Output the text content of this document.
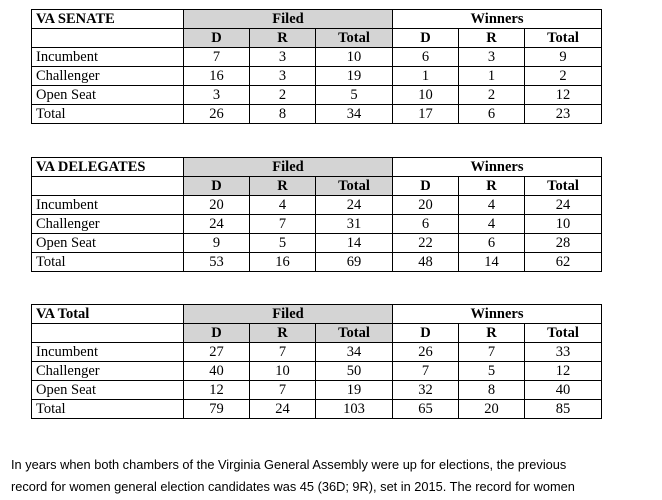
VA SENATE	Filed			Winners		
	D	R	Total	D	R	Total
Incumbent	7	3	10	6	3	9
Challenger	16	3	19	1	1	2
Open Seat	3	2	5	10	2	12
Total	26	8	34	17	6	23
VA DELEGATES	Filed			Winners		
	D	R	Total	D	R	Total
Incumbent	20	4	24	20	4	24
Challenger	24	7	31	6	4	10
Open Seat	9	5	14	22	6	28
Total	53	16	69	48	14	62
VA Total	Filed			Winners		
	D	R	Total	D	R	Total
Incumbent	27	7	34	26	7	33
Challenger	40	10	50	7	5	12
Open Seat	12	7	19	32	8	40
Total	79	24	103	65	20	85

In years when both chambers of the Virginia General Assembly were up for elections, the previous
record for women general election candidates was 45 (36D; 9R), set in 2015. The record for women
